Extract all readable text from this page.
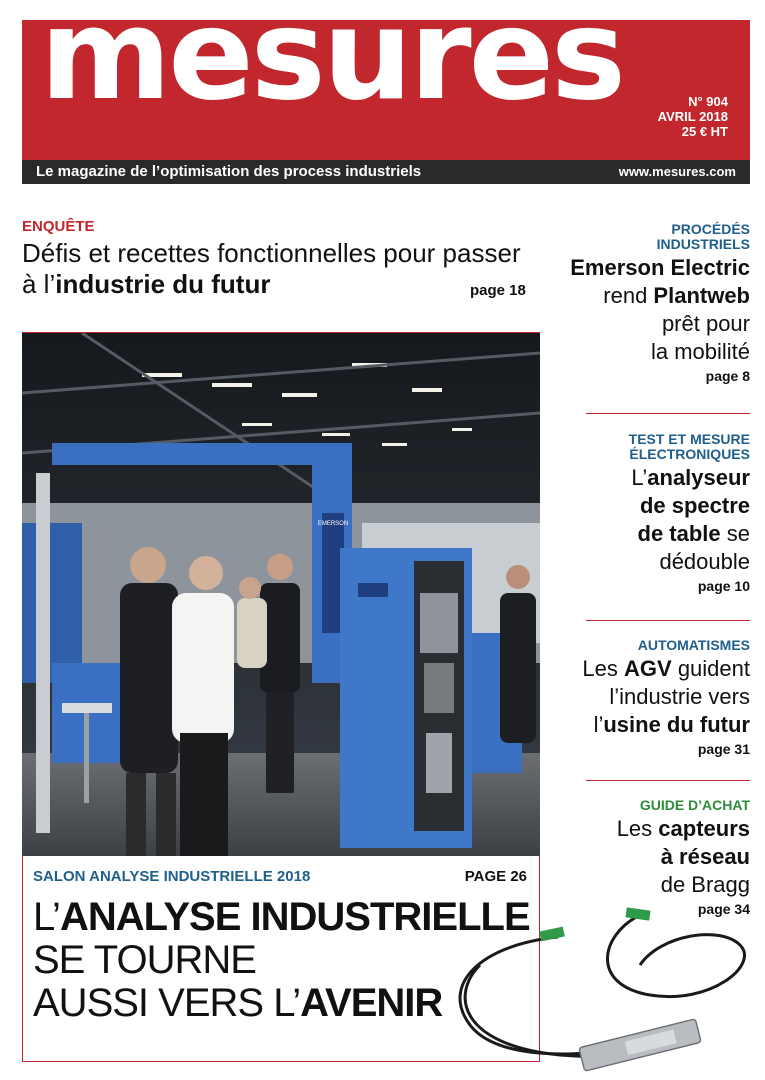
mesures	N° 904
AVRIL 2018
25 € HT
Le magazine de l’optimisation des process industriels	www.mesures.com
ENQUÊTE
Défis et recettes fonctionnelles pour passer
à l’industrie du futur	page 18
EMERSON
SALON ANALYSE INDUSTRIELLE 2018	PAGE 26
L’ANALYSE INDUSTRIELLE
SE TOURNE
AUSSI VERS L’AVENIR
PROCÉDÉS
INDUSTRIELS
Emerson Electric
rend Plantweb
prêt pour
la mobilité
page 8
TEST ET MESURE
ÉLECTRONIQUES
L’analyseur
de spectre
de table se
dédouble
page 10
AUTOMATISMES
Les AGV guident
l’industrie vers
l’usine du futur
page 31
GUIDE D’ACHAT
Les capteurs
à réseau
de Bragg
page 34
